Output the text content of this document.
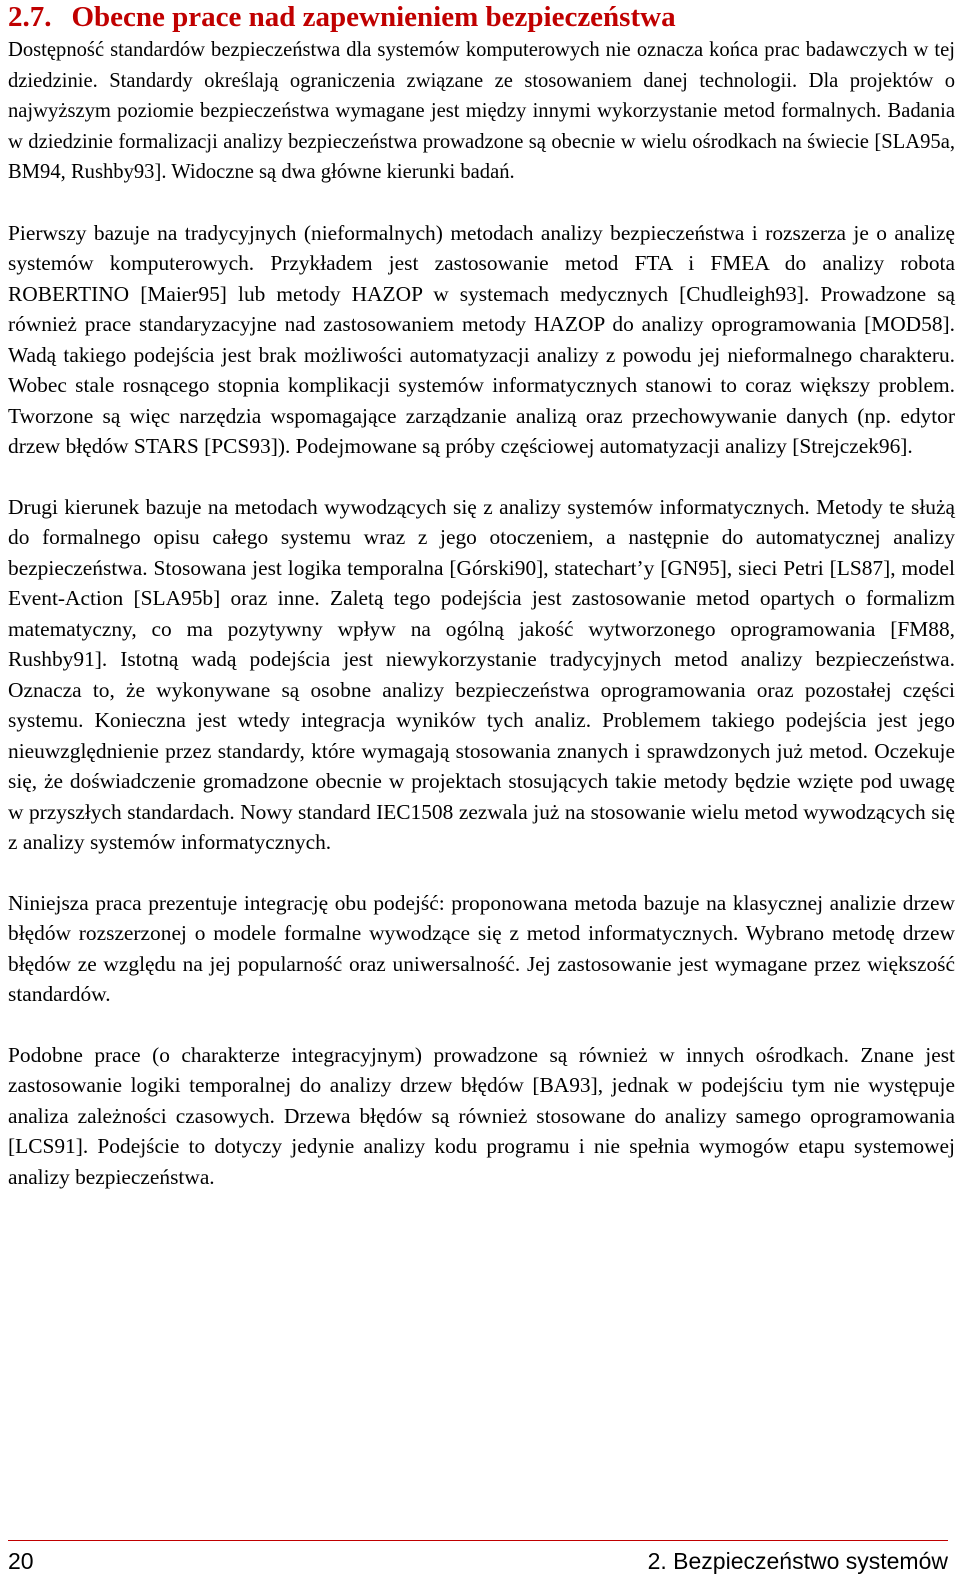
2.7. Obecne prace nad zapewnieniem bezpieczeństwa

Dostępność standardów bezpieczeństwa dla systemów komputerowych nie oznacza końca prac badawczych w tej dziedzinie. Standardy określają ograniczenia związane ze stosowaniem danej technologii. Dla projektów o najwyższym poziomie bezpieczeństwa wymagane jest między innymi wykorzystanie metod formalnych. Badania w dziedzinie formalizacji analizy bezpieczeństwa prowadzone są obecnie w wielu ośrodkach na świecie [SLA95a, BM94, Rushby93]. Widoczne są dwa główne kierunki badań.

Pierwszy bazuje na tradycyjnych (nieformalnych) metodach analizy bezpieczeństwa i rozszerza je o analizę systemów komputerowych. Przykładem jest zastosowanie metod FTA i FMEA do analizy robota ROBERTINO [Maier95] lub metody HAZOP w systemach medycznych [Chudleigh93]. Prowadzone są również prace standaryzacyjne nad zastosowaniem metody HAZOP do analizy oprogramowania [MOD58]. Wadą takiego podejścia jest brak możliwości automatyzacji analizy z powodu jej nieformalnego charakteru. Wobec stale rosnącego stopnia komplikacji systemów informatycznych stanowi to coraz większy problem. Tworzone są więc narzędzia wspomagające zarządzanie analizą oraz przechowywanie danych (np. edytor drzew błędów STARS [PCS93]). Podejmowane są próby częściowej automatyzacji analizy [Strejczek96].

Drugi kierunek bazuje na metodach wywodzących się z analizy systemów informatycznych. Metody te służą do formalnego opisu całego systemu wraz z jego otoczeniem, a następnie do automatycznej analizy bezpieczeństwa. Stosowana jest logika temporalna [Górski90], statechart’y [GN95], sieci Petri [LS87], model Event-Action [SLA95b] oraz inne. Zaletą tego podejścia jest zastosowanie metod opartych o formalizm matematyczny, co ma pozytywny wpływ na ogólną jakość wytworzonego oprogramowania [FM88, Rushby91]. Istotną wadą podejścia jest niewykorzystanie tradycyjnych metod analizy bezpieczeństwa. Oznacza to, że wykonywane są osobne analizy bezpieczeństwa oprogramowania oraz pozostałej części systemu. Konieczna jest wtedy integracja wyników tych analiz. Problemem takiego podejścia jest jego nieuwzględnienie przez standardy, które wymagają stosowania znanych i sprawdzonych już metod. Oczekuje się, że doświadczenie gromadzone obecnie w projektach stosujących takie metody będzie wzięte pod uwagę w przyszłych standardach. Nowy standard IEC1508 zezwala już na stosowanie wielu metod wywodzących się z analizy systemów informatycznych.

Niniejsza praca prezentuje integrację obu podejść: proponowana metoda bazuje na klasycznej analizie drzew błędów rozszerzonej o modele formalne wywodzące się z metod informatycznych. Wybrano metodę drzew błędów ze względu na jej popularność oraz uniwersalność. Jej zastosowanie jest wymagane przez większość standardów.

Podobne prace (o charakterze integracyjnym) prowadzone są również w innych ośrodkach. Znane jest zastosowanie logiki temporalnej do analizy drzew błędów [BA93], jednak w podejściu tym nie występuje analiza zależności czasowych. Drzewa błędów są również stosowane do analizy samego oprogramowania [LCS91]. Podejście to dotyczy jedynie analizy kodu programu i nie spełnia wymogów etapu systemowej analizy bezpieczeństwa.

20	2. Bezpieczeństwo systemów
